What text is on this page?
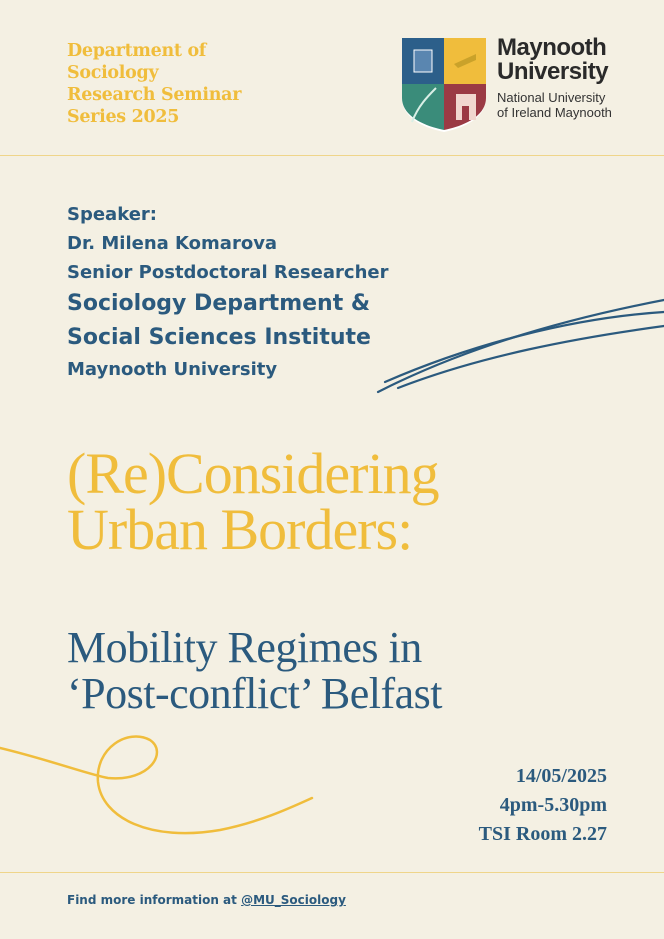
Department of
Sociology
Research Seminar
Series 2025
Maynooth
University
National University
of Ireland Maynooth
Speaker:
Dr. Milena Komarova
Senior Postdoctoral Researcher
Sociology Department &
Social Sciences Institute
Maynooth University
(Re)Considering
Urban Borders:
Mobility Regimes in
‘Post-conflict’ Belfast
14/05/2025
4pm-5.30pm
TSI Room 2.27
Find more information at @MU_Sociology
